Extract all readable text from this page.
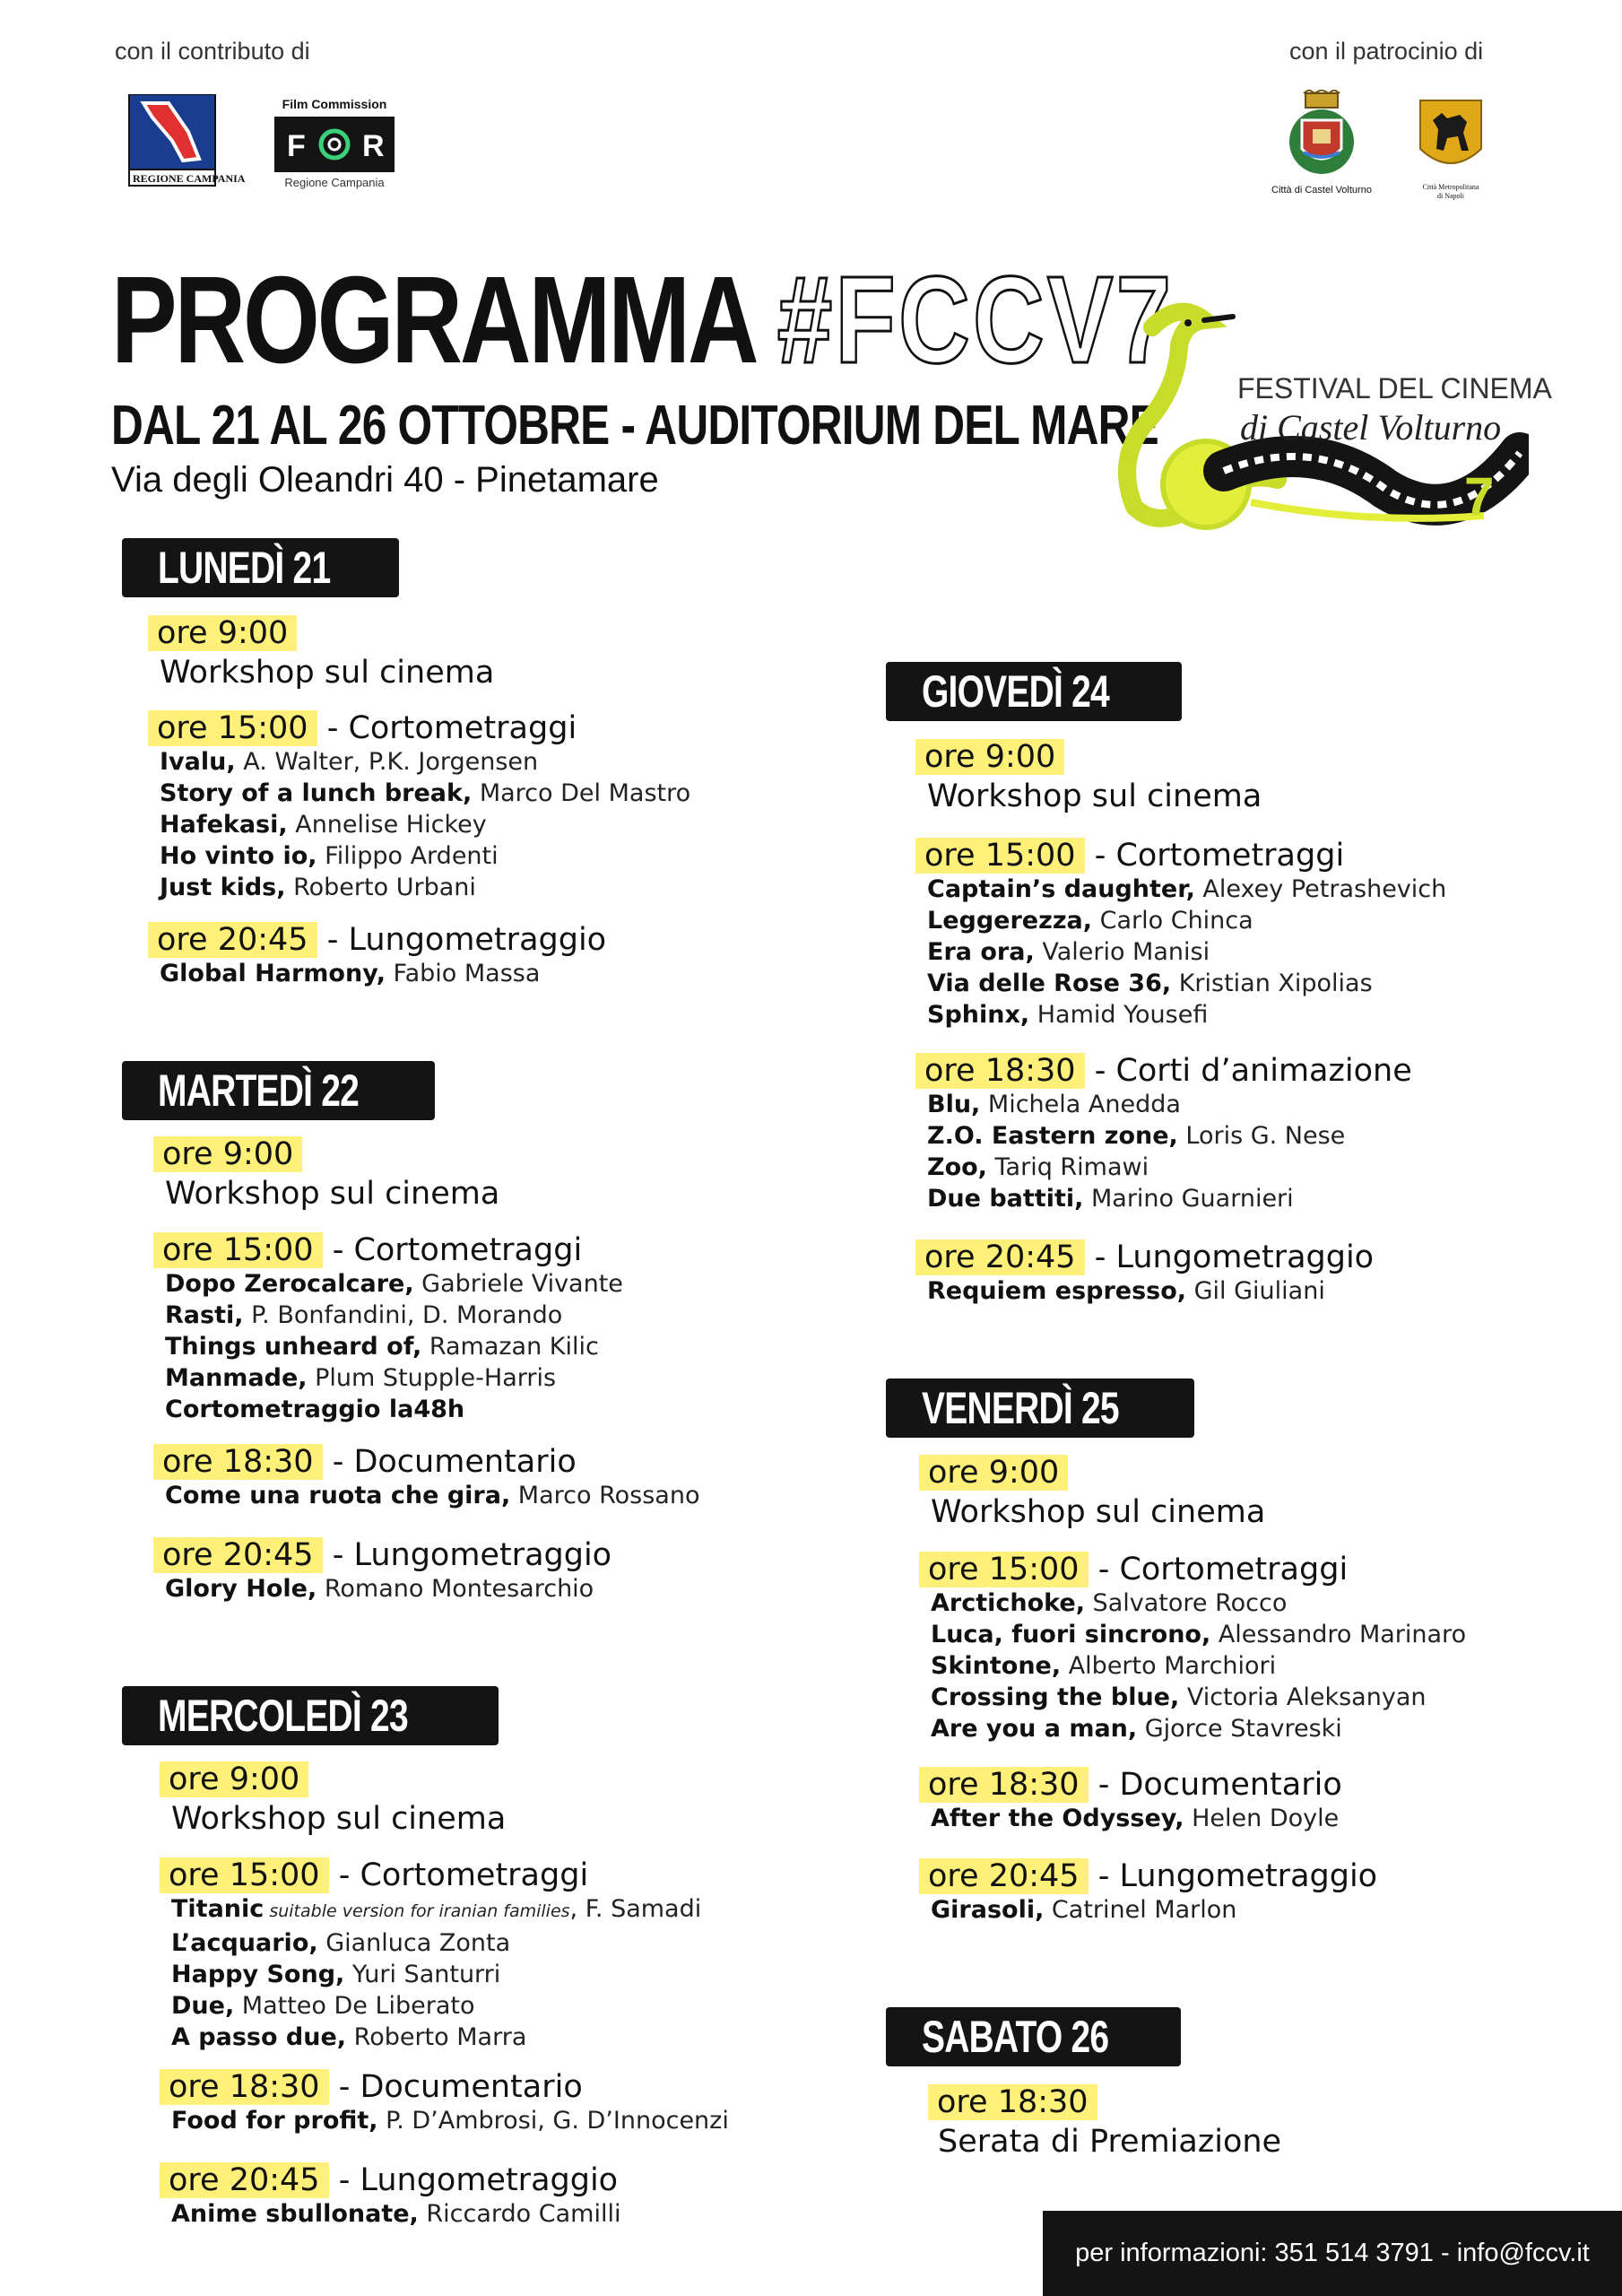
con il contributo di	con il patrocinio di
REGIONE CAMPANIA
Film Commission
F R
Regione Campania
Città di Castel Volturno	Città Metropolitana
di Napoli
PROGRAMMA #FCCV7
DAL 21 AL 26 OTTOBRE - AUDITORIUM DEL MARE
Via degli Oleandri 40 - Pinetamare
FESTIVAL DEL CINEMA
di Castel Volturno
7
LUNEDÌ 21
ore 9:00
Workshop sul cinema
ore 15:00 - Cortometraggi
Ivalu, A. Walter, P.K. Jorgensen
Story of a lunch break, Marco Del Mastro
Hafekasi, Annelise Hickey
Ho vinto io, Filippo Ardenti
Just kids, Roberto Urbani
ore 20:45 - Lungometraggio
Global Harmony, Fabio Massa
MARTEDÌ 22
ore 9:00
Workshop sul cinema
ore 15:00 - Cortometraggi
Dopo Zerocalcare, Gabriele Vivante
Rasti, P. Bonfandini, D. Morando
Things unheard of, Ramazan Kilic
Manmade, Plum Stupple-Harris
Cortometraggio la48h
ore 18:30 - Documentario
Come una ruota che gira, Marco Rossano
ore 20:45 - Lungometraggio
Glory Hole, Romano Montesarchio
MERCOLEDÌ 23
ore 9:00
Workshop sul cinema
ore 15:00 - Cortometraggi
Titanic suitable version for iranian families, F. Samadi
L’acquario, Gianluca Zonta
Happy Song, Yuri Santurri
Due, Matteo De Liberato
A passo due, Roberto Marra
ore 18:30 - Documentario
Food for profit, P. D’Ambrosi, G. D’Innocenzi
ore 20:45 - Lungometraggio
Anime sbullonate, Riccardo Camilli
GIOVEDÌ 24
ore 9:00
Workshop sul cinema
ore 15:00 - Cortometraggi
Captain’s daughter, Alexey Petrashevich
Leggerezza, Carlo Chinca
Era ora, Valerio Manisi
Via delle Rose 36, Kristian Xipolias
Sphinx, Hamid Yousefi
ore 18:30 - Corti d’animazione
Blu, Michela Anedda
Z.O. Eastern zone, Loris G. Nese
Zoo, Tariq Rimawi
Due battiti, Marino Guarnieri
ore 20:45 - Lungometraggio
Requiem espresso, Gil Giuliani
VENERDÌ 25
ore 9:00
Workshop sul cinema
ore 15:00 - Cortometraggi
Arctichoke, Salvatore Rocco
Luca, fuori sincrono, Alessandro Marinaro
Skintone, Alberto Marchiori
Crossing the blue, Victoria Aleksanyan
Are you a man, Gjorce Stavreski
ore 18:30 - Documentario
After the Odyssey, Helen Doyle
ore 20:45 - Lungometraggio
Girasoli, Catrinel Marlon
SABATO 26
ore 18:30
Serata di Premiazione
per informazioni: 351 514 3791 - info@fccv.it
